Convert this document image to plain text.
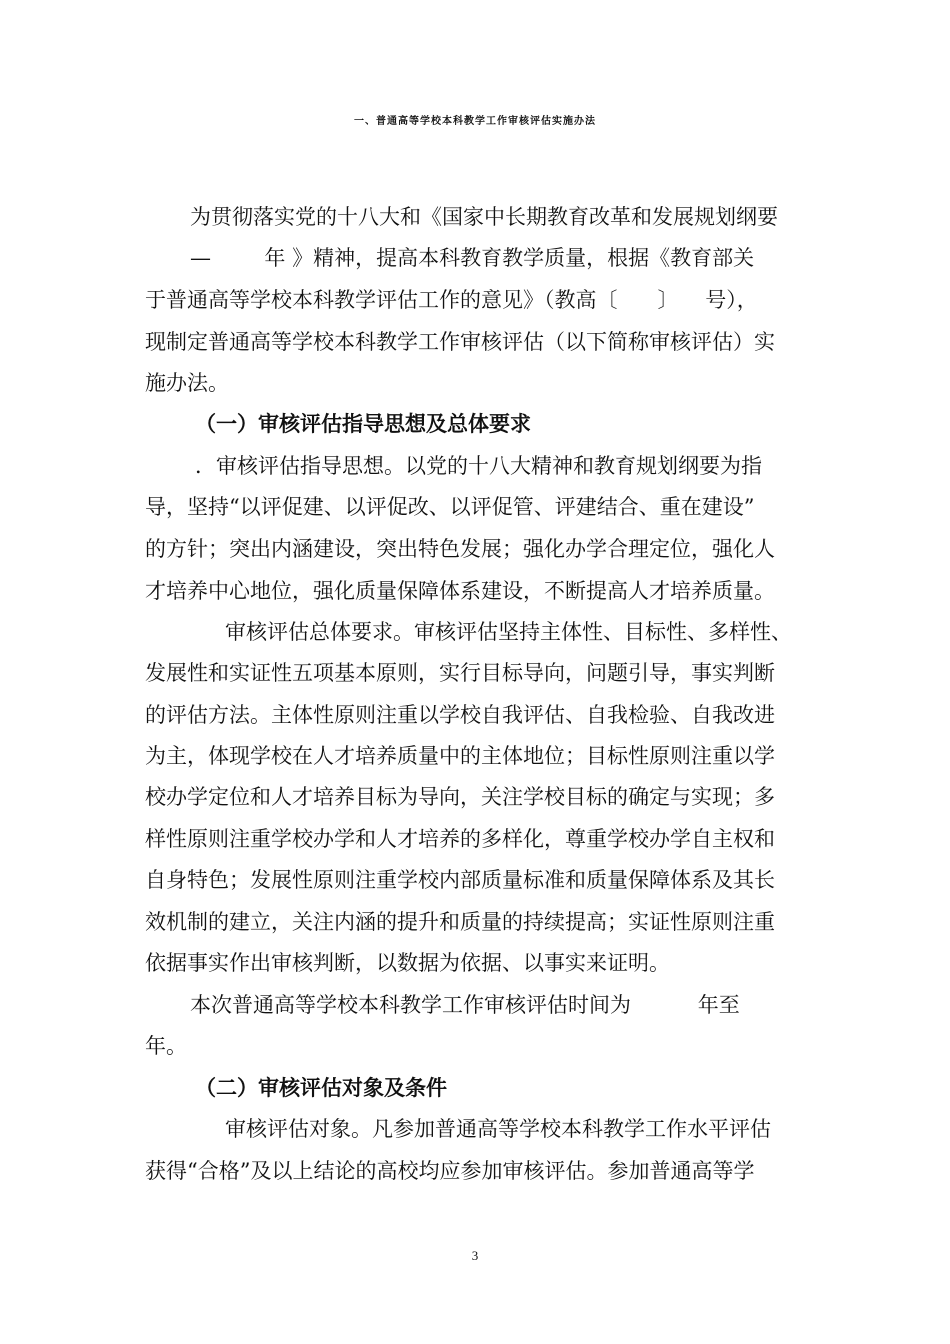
一、普通高等学校本科教学工作审核评估实施办法

为贯彻落实党的十八大和《国家中长期教育改革和发展规划纲要

—        年 》精神，提高本科教育教学质量，根据《教育部关

于普通高等学校本科教学评估工作的意见》（教高〔      〕    号），

现制定普通高等学校本科教学工作审核评估（以下简称审核评估）实

施办法。

（一）审核评估指导思想及总体要求

．审核评估指导思想。以党的十八大精神和教育规划纲要为指

导，坚持“以评促建、以评促改、以评促管、评建结合、重在建设”

的方针；突出内涵建设，突出特色发展；强化办学合理定位，强化人

才培养中心地位，强化质量保障体系建设，不断提高人才培养质量。

审核评估总体要求。审核评估坚持主体性、目标性、多样性、

发展性和实证性五项基本原则，实行目标导向，问题引导，事实判断

的评估方法。主体性原则注重以学校自我评估、自我检验、自我改进

为主，体现学校在人才培养质量中的主体地位；目标性原则注重以学

校办学定位和人才培养目标为导向，关注学校目标的确定与实现；多

样性原则注重学校办学和人才培养的多样化，尊重学校办学自主权和

自身特色；发展性原则注重学校内部质量标准和质量保障体系及其长

效机制的建立，关注内涵的提升和质量的持续提高；实证性原则注重

依据事实作出审核判断，以数据为依据、以事实来证明。

本次普通高等学校本科教学工作审核评估时间为          年至

年。

（二）审核评估对象及条件

审核评估对象。凡参加普通高等学校本科教学工作水平评估

获得“合格”及以上结论的高校均应参加审核评估。参加普通高等学

3
